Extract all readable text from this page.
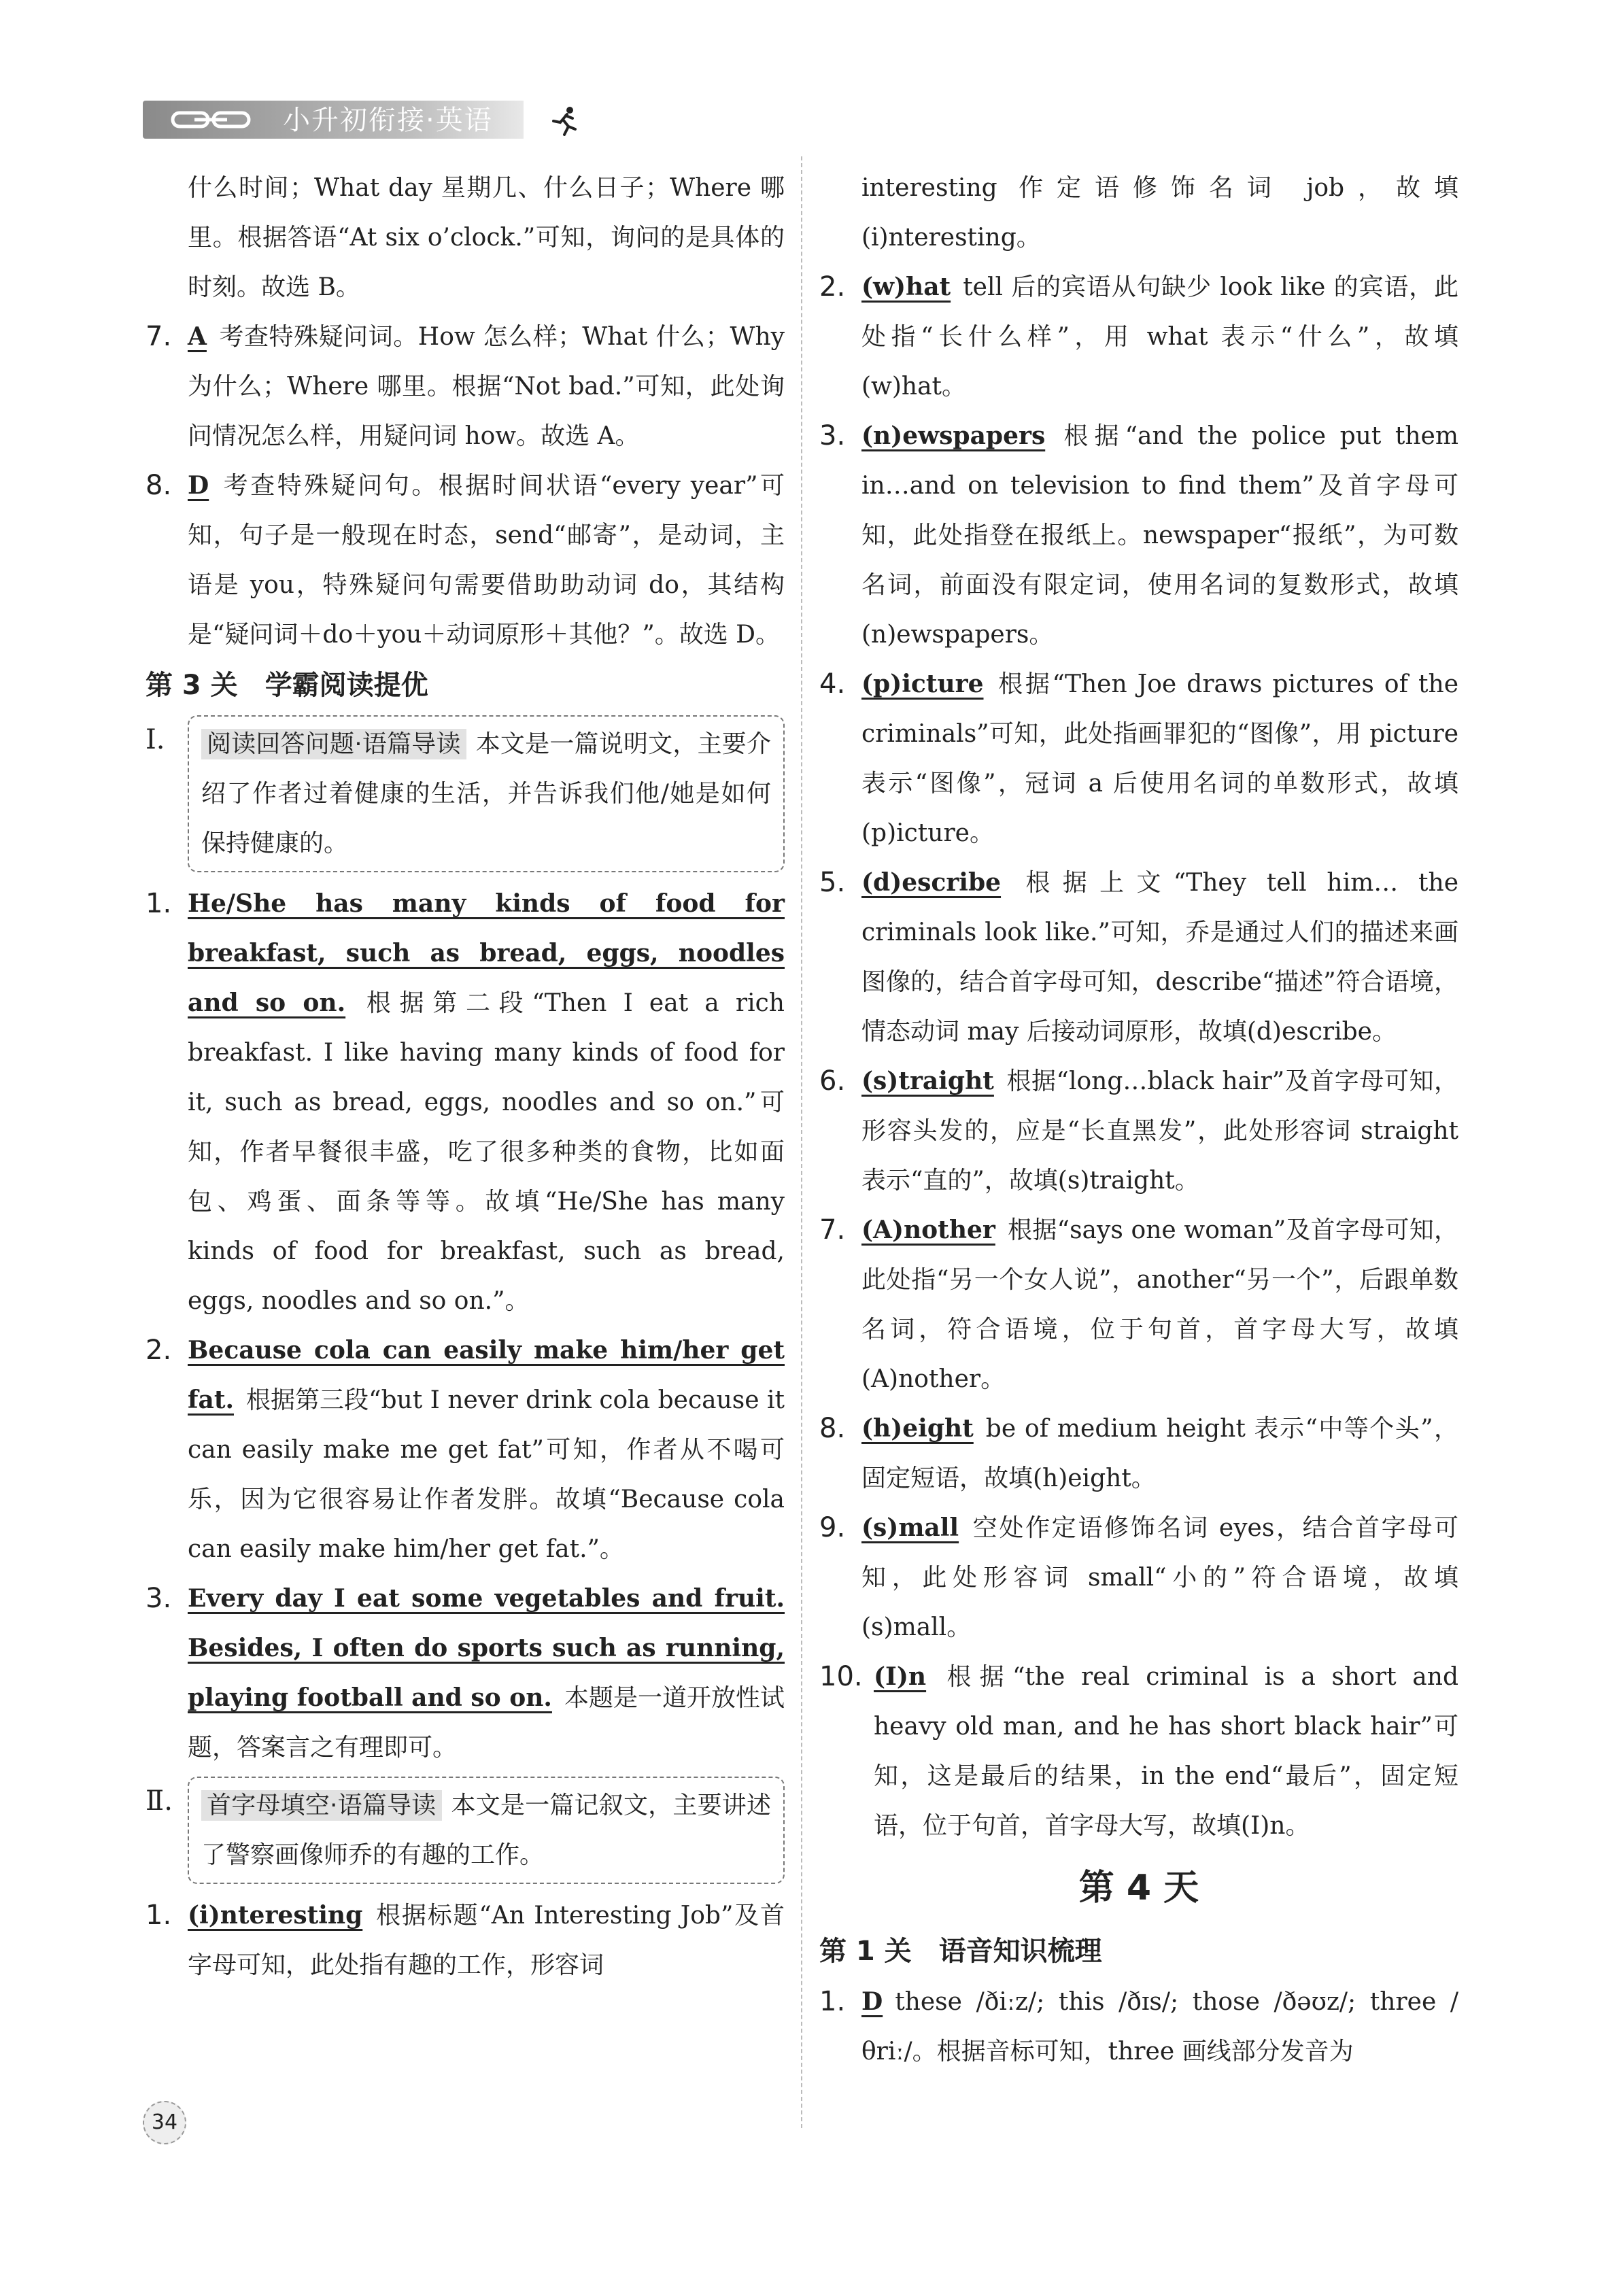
小升初衔接·英语

什么时间；What day 星期几、什么日子；Where 哪里。根据答语“At six o’clock.”可知，询问的是具体的时刻。故选 B。

7. A 考查特殊疑问词。How 怎么样；What 什么；Why 为什么；Where 哪里。根据“Not bad.”可知，此处询问情况怎么样，用疑问词 how。故选 A。
8. D 考查特殊疑问句。根据时间状语“every year”可知，句子是一般现在时态，send“邮寄”，是动词，主语是 you，特殊疑问句需要借助助动词 do，其结构是“疑问词＋do＋you＋动词原形＋其他？”。故选 D。
第 3 关 学霸阅读提优
Ⅰ.	阅读回答问题·语篇导读 本文是一篇说明文，主要介绍了作者过着健康的生活，并告诉我们他/她是如何保持健康的。

1. He/She has many kinds of food for breakfast, such as bread, eggs, noodles and so on. 根据第二段“Then I eat a rich breakfast. I like having many kinds of food for it, such as bread, eggs, noodles and so on.”可知，作者早餐很丰盛，吃了很多种类的食物，比如面包、鸡蛋、面条等等。故填“He/She has many kinds of food for breakfast, such as bread, eggs, noodles and so on.”。
2. Because cola can easily make him/her get fat. 根据第三段“but I never drink cola because it can easily make me get fat”可知，作者从不喝可乐，因为它很容易让作者发胖。故填“Because cola can easily make him/her get fat.”。
3. Every day I eat some vegetables and fruit. Besides, I often do sports such as running, playing football and so on. 本题是一道开放性试题，答案言之有理即可。
Ⅱ.	首字母填空·语篇导读 本文是一篇记叙文，主要讲述了警察画像师乔的有趣的工作。

1. (i)nteresting 根据标题“An Interesting Job”及首字母可知，此处指有趣的工作，形容词

interesting 作定语修饰名词 job，故填(i)nteresting。

2. (w)hat tell 后的宾语从句缺少 look like 的宾语，此处指“长什么样”，用 what 表示“什么”，故填(w)hat。
3. (n)ewspapers 根据“and the police put them in…and on television to find them”及首字母可知，此处指登在报纸上。newspaper“报纸”，为可数名词，前面没有限定词，使用名词的复数形式，故填(n)ewspapers。
4. (p)icture 根据“Then Joe draws pictures of the criminals”可知，此处指画罪犯的“图像”，用 picture 表示“图像”，冠词 a 后使用名词的单数形式，故填(p)icture。
5. (d)escribe 根据上文“They tell him… the criminals look like.”可知，乔是通过人们的描述来画图像的，结合首字母可知，describe“描述”符合语境，情态动词 may 后接动词原形，故填(d)escribe。
6. (s)traight 根据“long…black hair”及首字母可知，形容头发的，应是“长直黑发”，此处形容词 straight 表示“直的”，故填(s)traight。
7. (A)nother 根据“says one woman”及首字母可知，此处指“另一个女人说”，another“另一个”，后跟单数名词，符合语境，位于句首，首字母大写，故填(A)nother。
8. (h)eight be of medium height 表示“中等个头”，固定短语，故填(h)eight。
9. (s)mall 空处作定语修饰名词 eyes，结合首字母可知，此处形容词 small“小的”符合语境，故填(s)mall。
10. (I)n 根据“the real criminal is a short and heavy old man, and he has short black hair”可知，这是最后的结果，in the end“最后”，固定短语，位于句首，首字母大写，故填(I)n。
第 4 天
第 1 关 语音知识梳理
1. D these /ðiːz/; this /ðɪs/; those /ðəʊz/; three /θriː/。根据音标可知，three 画线部分发音为
34
